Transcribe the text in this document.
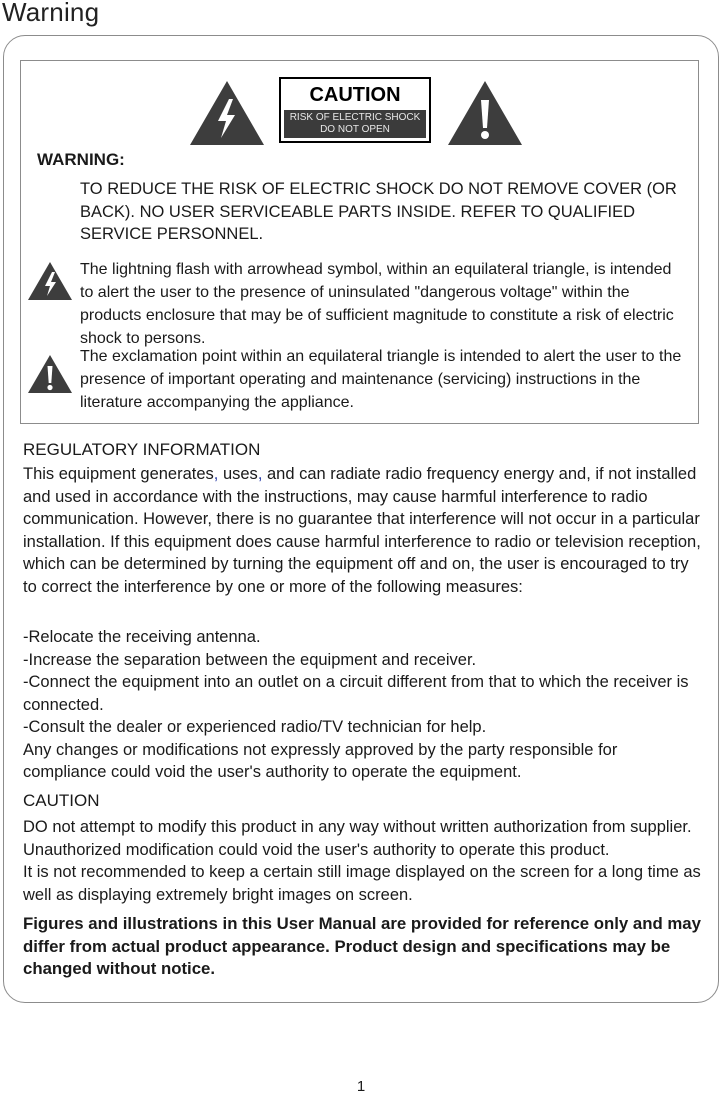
Warning
CAUTION
RISK OF ELECTRIC SHOCK
DO NOT OPEN
WARNING:
TO REDUCE THE RISK OF ELECTRIC SHOCK DO NOT REMOVE COVER (OR BACK). NO USER SERVICEABLE PARTS INSIDE. REFER TO QUALIFIED SERVICE PERSONNEL.
The lightning flash with arrowhead symbol, within an equilateral triangle, is intended to alert the user to the presence of uninsulated "dangerous voltage" within the products enclosure that may be of sufficient magnitude to constitute a risk of electric shock to persons.
The exclamation point within an equilateral triangle is intended to alert the user to the presence of important operating and maintenance (servicing) instructions in the literature accompanying the appliance.
REGULATORY INFORMATION
This equipment generates, uses, and can radiate radio frequency energy and, if not installed and used in accordance with the instructions, may cause harmful interference to radio communication. However, there is no guarantee that interference will not occur in a particular installation. If this equipment does cause harmful interference to radio or television reception, which can be determined by turning the equipment off and on, the user is encouraged to try to correct the interference by one or more of the following measures:

-Relocate the receiving antenna.

-Increase the separation between the equipment and receiver.

-Connect the equipment into an outlet on a circuit different from that to which the receiver is connected.

-Consult the dealer or experienced radio/TV technician for help.

Any changes or modifications not expressly approved by the party responsible for compliance could void the user's authority to operate the equipment.

CAUTION

DO not attempt to modify this product in any way without written authorization from supplier. Unauthorized modification could void the user's authority to operate this product.

It is not recommended to keep a certain still image displayed on the screen for a long time as well as displaying extremely bright images on screen.

Figures and illustrations in this User Manual are provided for reference only and may differ from actual product appearance. Product design and specifications may be changed without notice.

1
